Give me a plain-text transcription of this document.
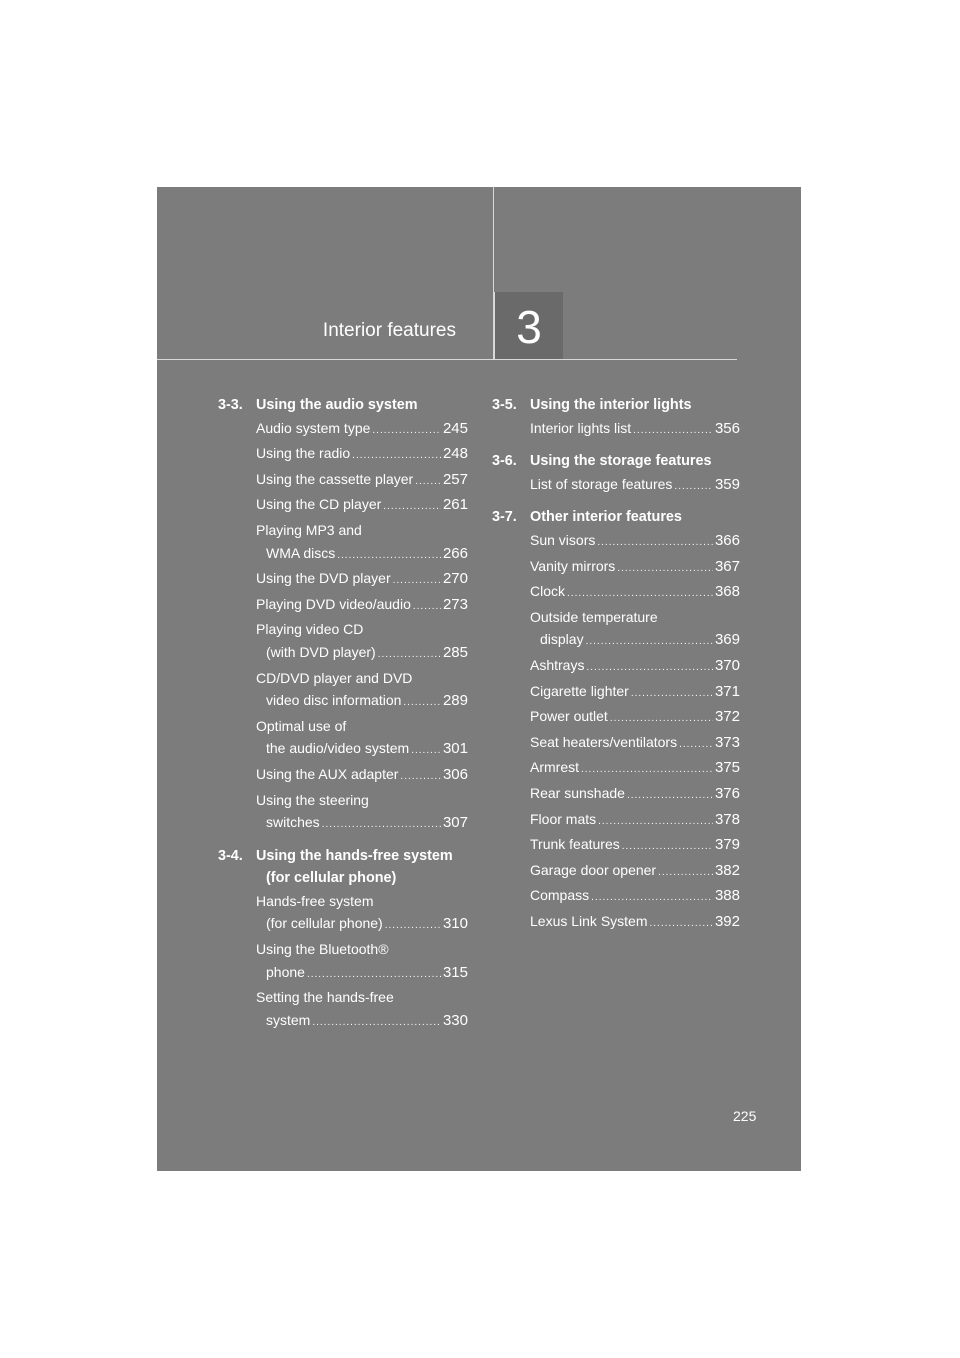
Interior features	3
3-3. Using the audio system
Audio system type .....	245
Using the radio .....	248
Using the cassette player ..... 257
Using the CD player .....	261
Playing MP3 and
WMA discs .....	266
Using the DVD player .....	270
Playing DVD video/audio ..... 273
Playing video CD
(with DVD player) .....	285
CD/DVD player and DVD
video disc information .....	289
Optimal use of
the audio/video system ..... 301
Using the AUX adapter .....	306
Using the steering
switches .....	307
3-4. Using the hands-free system
(for cellular phone)
Hands-free system
(for cellular phone) .....	310
Using the Bluetooth®
phone .....	315
Setting the hands-free
system .....	330
3-5. Using the interior lights
Interior lights list .....	356
3-6. Using the storage features
List of storage features .....	359
3-7. Other interior features
Sun visors .....	366
Vanity mirrors .....	367
Clock .....	368
Outside temperature
display .....	369
Ashtrays .....	370
Cigarette lighter .....	371
Power outlet .....	372
Seat heaters/ventilators .....	373
Armrest .....	375
Rear sunshade .....	376
Floor mats .....	378
Trunk features .....	379
Garage door opener .....	382
Compass .....	388
Lexus Link System .....	392
225
